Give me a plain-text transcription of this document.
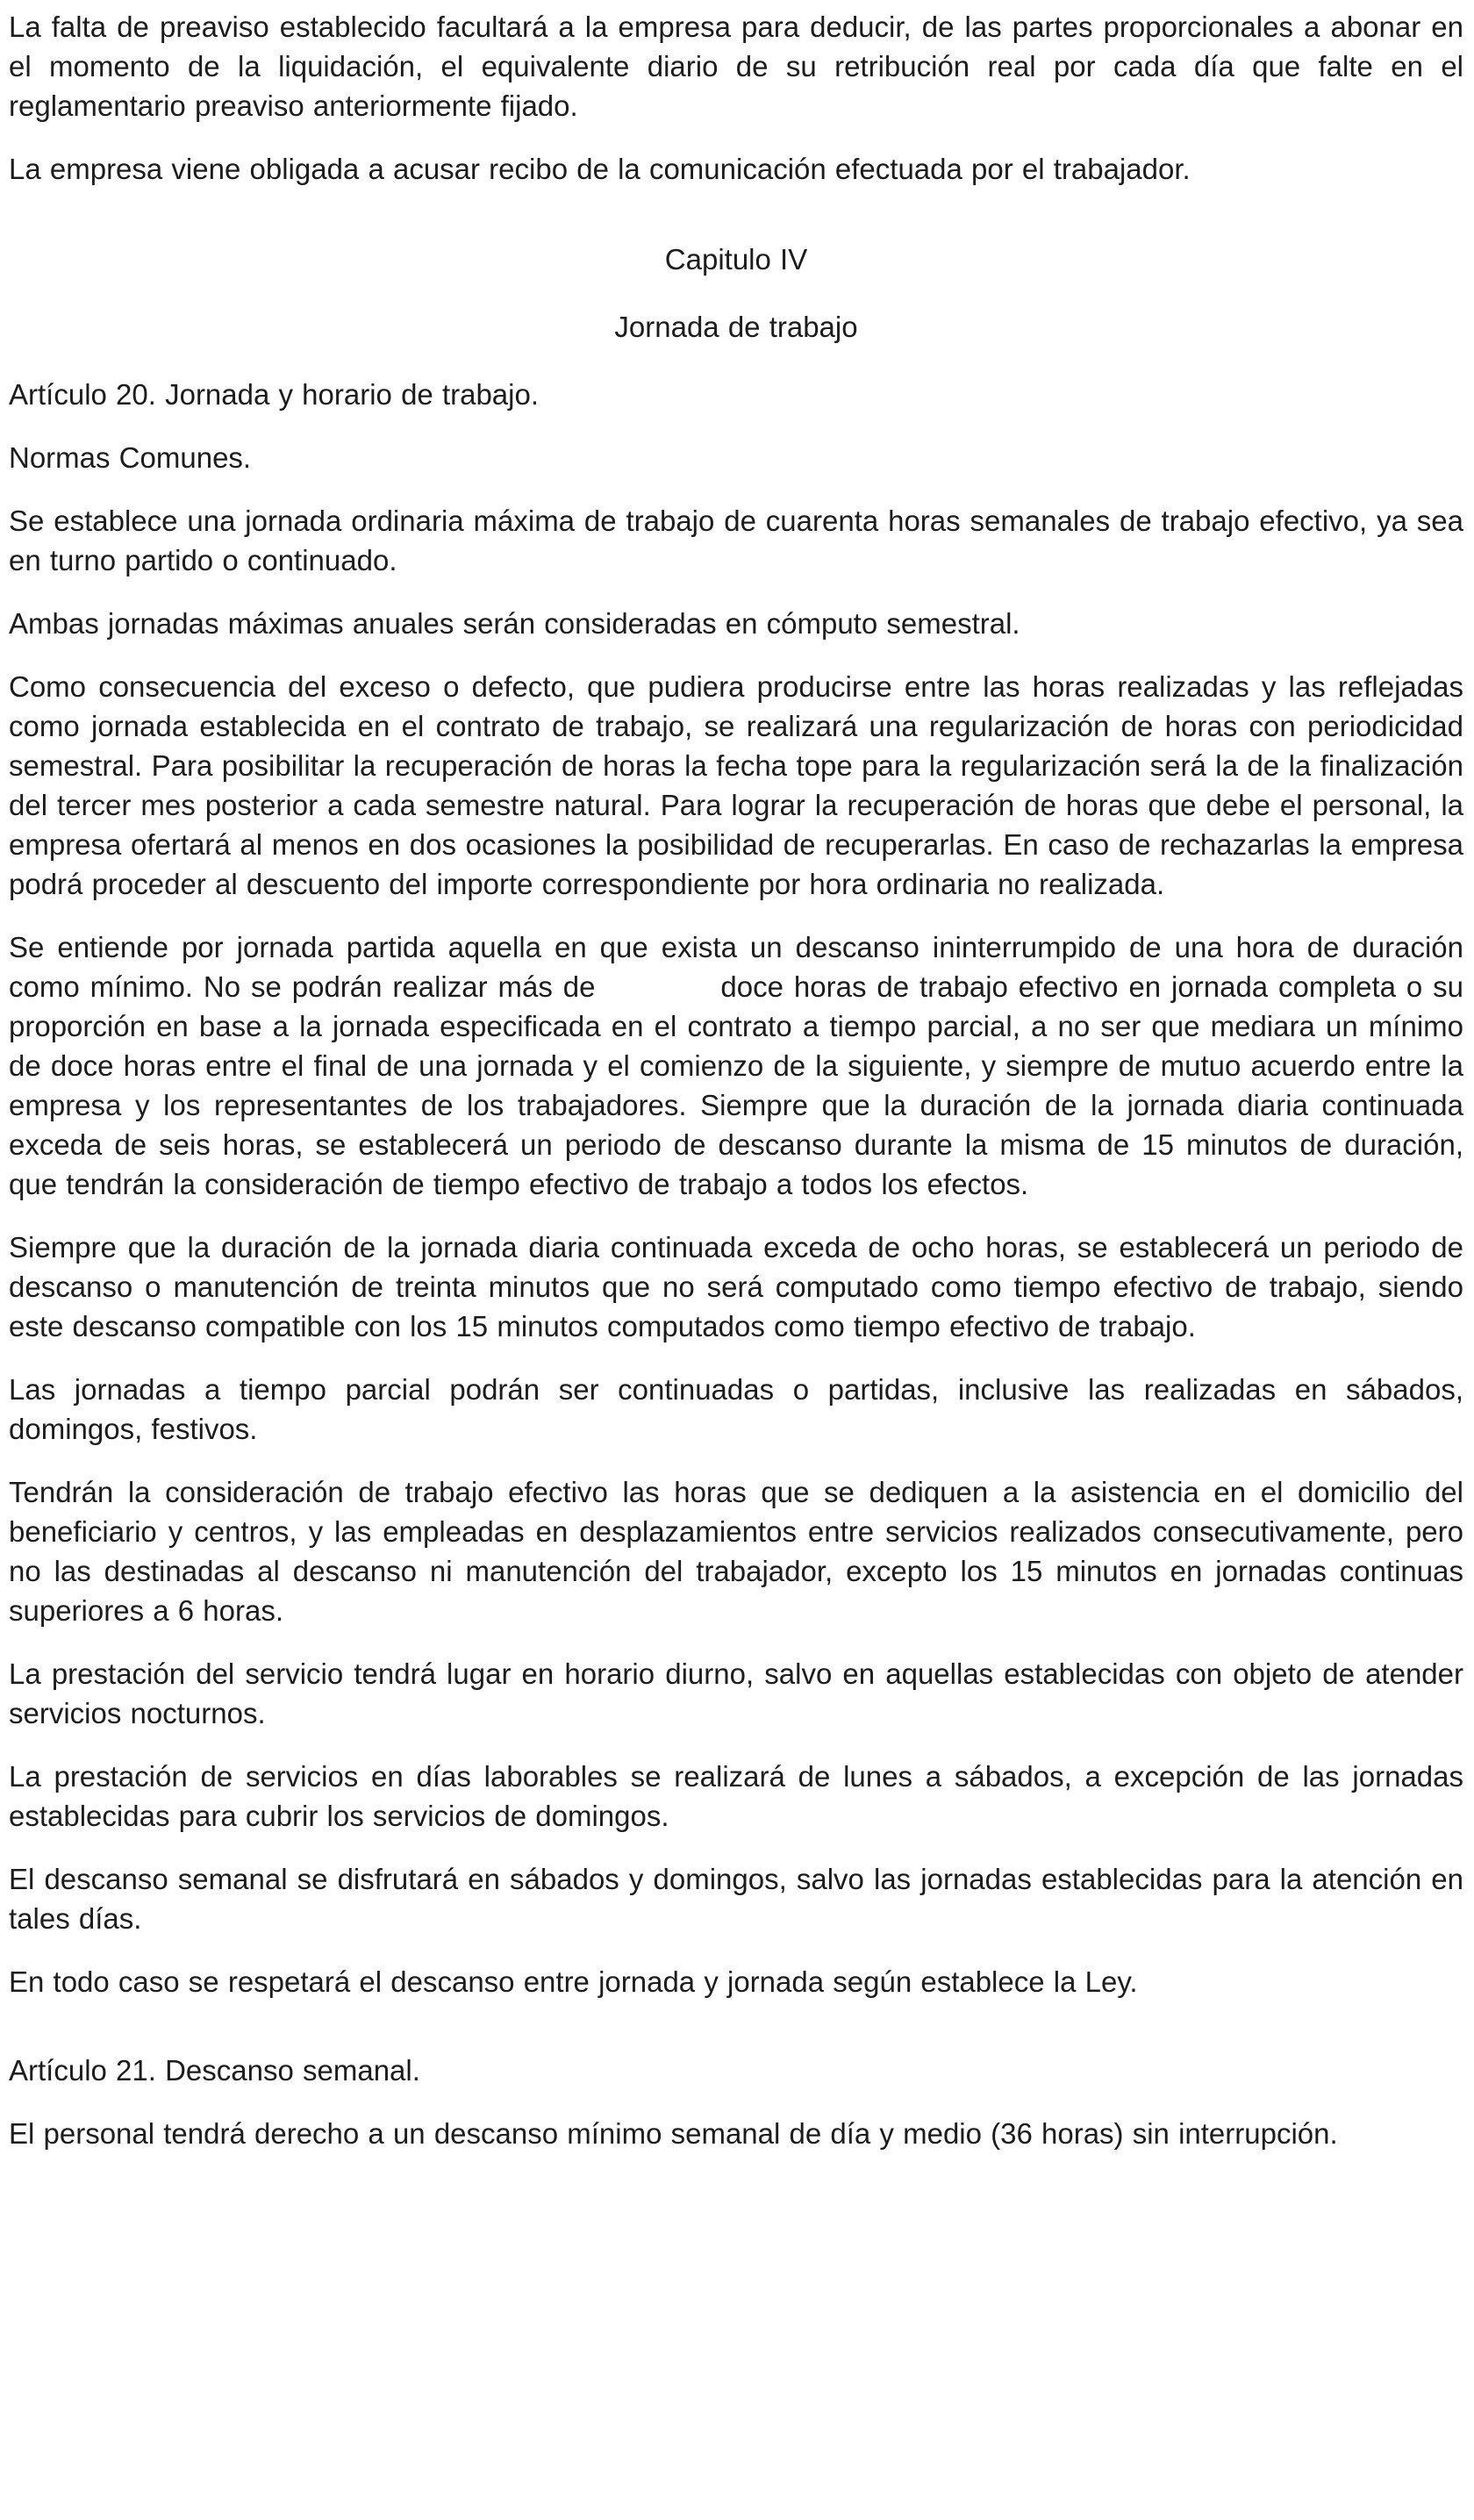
La falta de preaviso establecido facultará a la empresa para deducir, de las partes proporcionales a abonar en el momento de la liquidación, el equivalente diario de su retribución real por cada día que falte en el reglamentario preaviso anteriormente fijado.

La empresa viene obligada a acusar recibo de la comunicación efectuada por el trabajador.

Capitulo IV

Jornada de trabajo

Artículo 20. Jornada y horario de trabajo.

Normas Comunes.

Se establece una jornada ordinaria máxima de trabajo de cuarenta horas semanales de trabajo efectivo, ya sea en turno partido o continuado.

Ambas jornadas máximas anuales serán consideradas en cómputo semestral.

Como consecuencia del exceso o defecto, que pudiera producirse entre las horas realizadas y las reflejadas como jornada establecida en el contrato de trabajo, se realizará una regularización de horas con periodicidad semestral. Para posibilitar la recuperación de horas la fecha tope para la regularización será la de la finalización del tercer mes posterior a cada semestre natural. Para lograr la recuperación de horas que debe el personal, la empresa ofertará al menos en dos ocasiones la posibilidad de recuperarlas. En caso de rechazarlas la empresa podrá proceder al descuento del importe correspondiente por hora ordinaria no realizada.

Se entiende por jornada partida aquella en que exista un descanso ininterrumpido de una hora de duración como mínimo. No se podrán realizar más de            doce horas de trabajo efectivo en jornada completa o su proporción en base a la jornada especificada en el contrato a tiempo parcial, a no ser que mediara un mínimo de doce horas entre el final de una jornada y el comienzo de la siguiente, y siempre de mutuo acuerdo entre la empresa y los representantes de los trabajadores. Siempre que la duración de la jornada diaria continuada exceda de seis horas, se establecerá un periodo de descanso durante la misma de 15 minutos de duración, que tendrán la consideración de tiempo efectivo de trabajo a todos los efectos.

Siempre que la duración de la jornada diaria continuada exceda de ocho horas, se establecerá un periodo de descanso o manutención de treinta minutos que no será computado como tiempo efectivo de trabajo, siendo este descanso compatible con los 15 minutos computados como tiempo efectivo de trabajo.

Las jornadas a tiempo parcial podrán ser continuadas o partidas, inclusive las realizadas en sábados, domingos, festivos.

Tendrán la consideración de trabajo efectivo las horas que se dediquen a la asistencia en el domicilio del beneficiario y centros, y las empleadas en desplazamientos entre servicios realizados consecutivamente, pero no las destinadas al descanso ni manutención del trabajador, excepto los 15 minutos en jornadas continuas superiores a 6 horas.

La prestación del servicio tendrá lugar en horario diurno, salvo en aquellas establecidas con objeto de atender servicios nocturnos.

La prestación de servicios en días laborables se realizará de lunes a sábados, a excepción de las jornadas establecidas para cubrir los servicios de domingos.

El descanso semanal se disfrutará en sábados y domingos, salvo las jornadas establecidas para la atención en tales días.

En todo caso se respetará el descanso entre jornada y jornada según establece la Ley.

Artículo 21. Descanso semanal.

El personal tendrá derecho a un descanso mínimo semanal de día y medio (36 horas) sin interrupción.
